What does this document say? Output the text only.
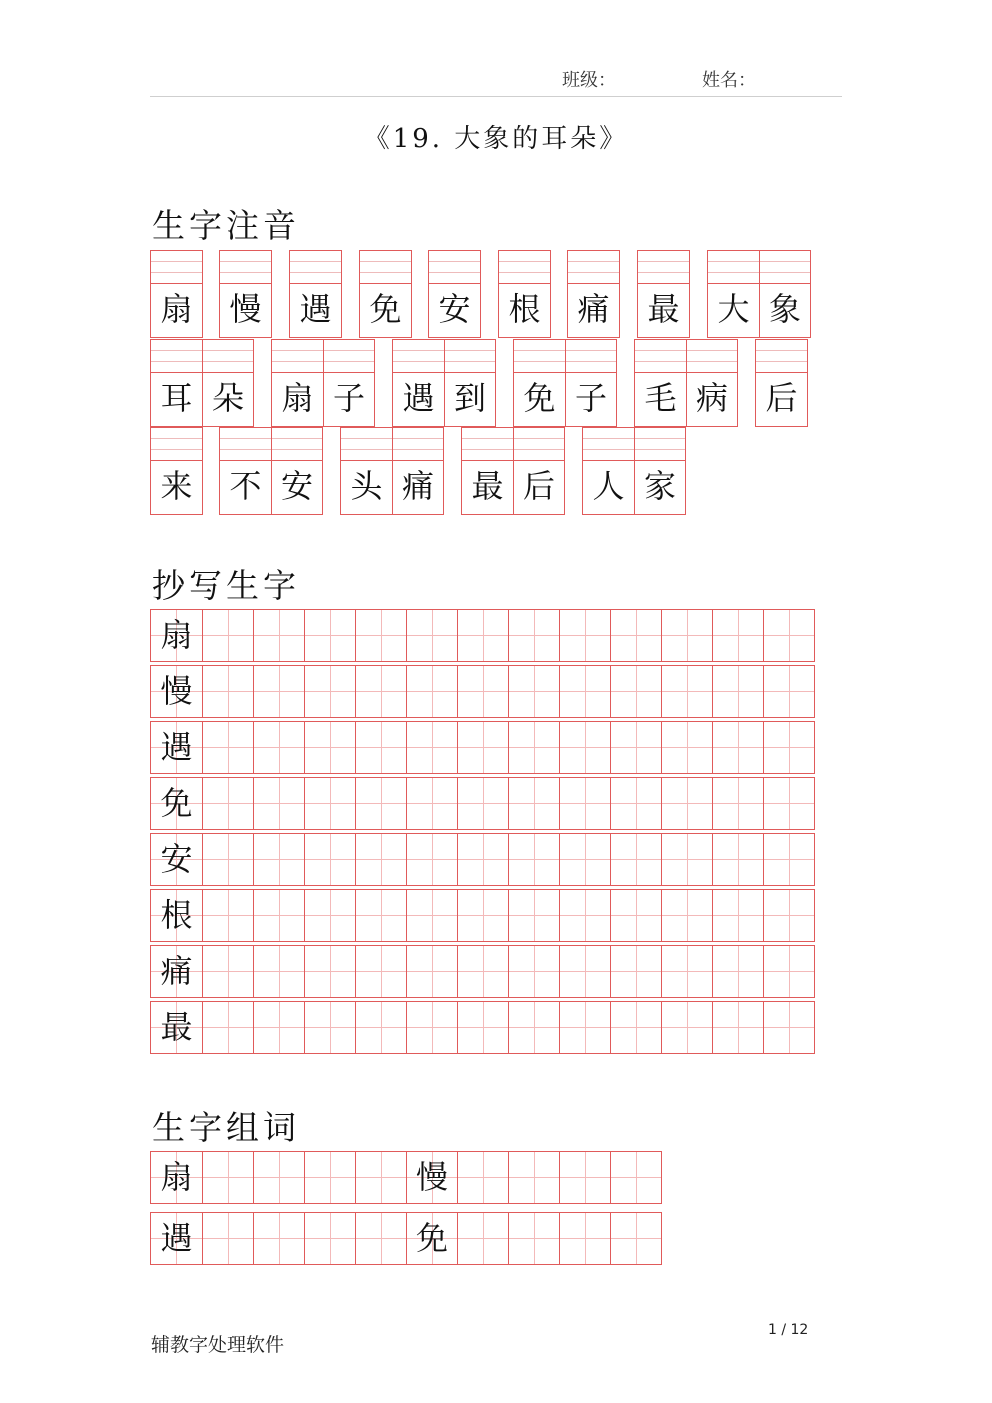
班级：	姓名：
《19. 大象的耳朵》
生字注音
扇 慢 遇 免 安 根 痛 最 大 象
耳 朵 扇 子 遇 到 免 子 毛 病 后
来 不 安 头 痛 最 后 人 家
抄写生字
扇
慢
遇
免
安
根
痛
最
生字组词
扇	慢
遇	免
辅教字处理软件
1 / 12
